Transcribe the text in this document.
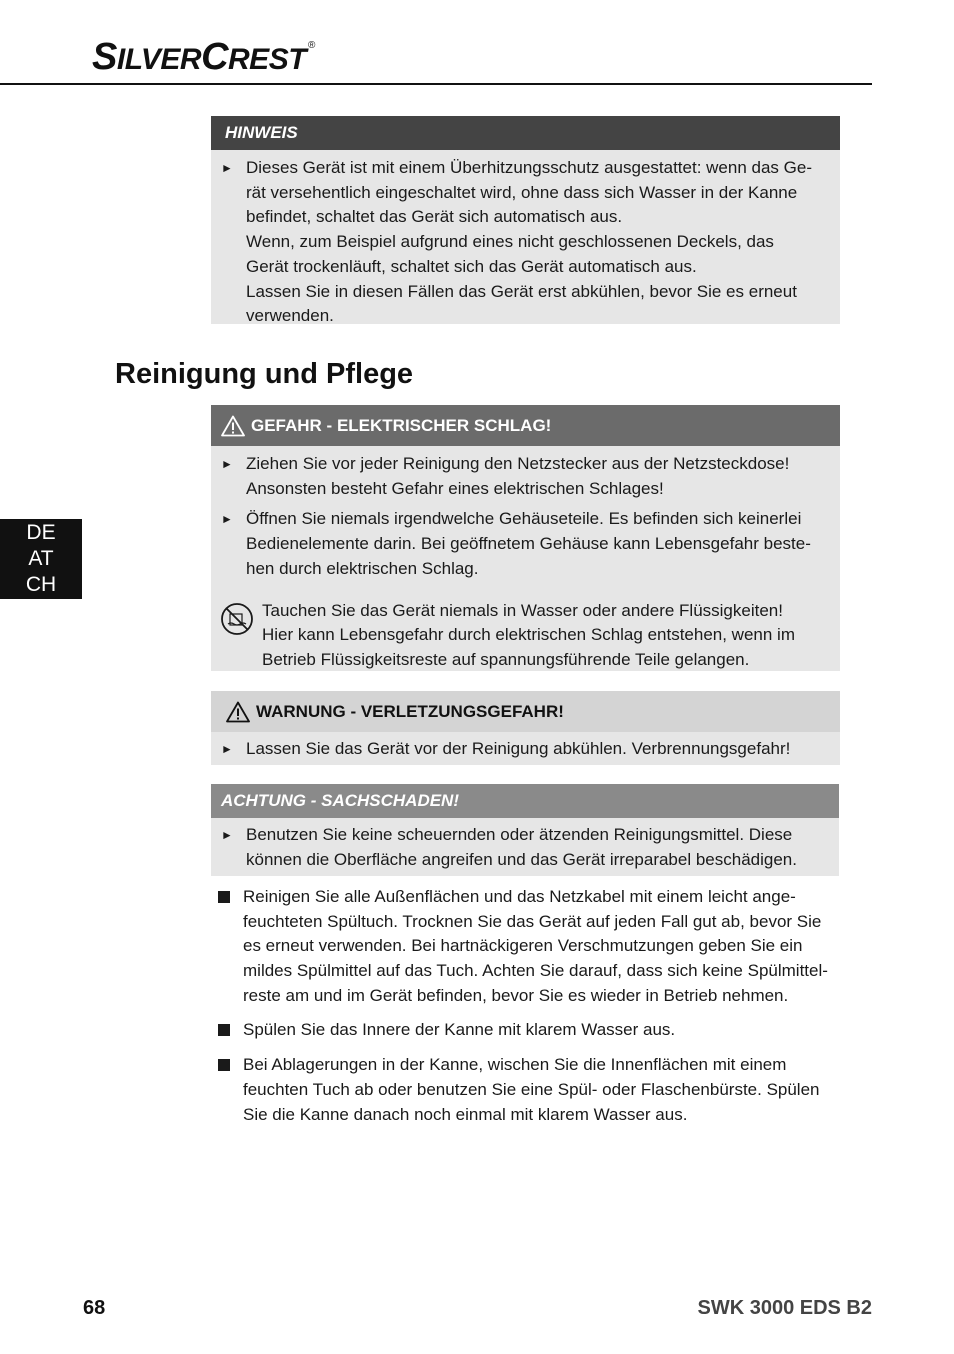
SILVERCREST ®
DE
AT
CH
HINWEIS
► Dieses Gerät ist mit einem Überhitzungsschutz ausgestattet: wenn das Ge-
rät versehentlich eingeschaltet wird, ohne dass sich Wasser in der Kanne
befindet, schaltet das Gerät sich automatisch aus.
Wenn, zum Beispiel aufgrund eines nicht geschlossenen Deckels, das
Gerät trockenläuft, schaltet sich das Gerät automatisch aus.
Lassen Sie in diesen Fällen das Gerät erst abkühlen, bevor Sie es erneut
verwenden.
Reinigung und Pflege
GEFAHR - ELEKTRISCHER SCHLAG!
► Ziehen Sie vor jeder Reinigung den Netzstecker aus der Netzsteckdose!
Ansonsten besteht Gefahr eines elektrischen Schlages!
► Öffnen Sie niemals irgendwelche Gehäuseteile. Es befinden sich keinerlei
Bedienelemente darin. Bei geöffnetem Gehäuse kann Lebensgefahr beste-
hen durch elektrischen Schlag.
Tauchen Sie das Gerät niemals in Wasser oder andere Flüssigkeiten!
Hier kann Lebensgefahr durch elektrischen Schlag entstehen, wenn im
Betrieb Flüssigkeitsreste auf spannungsführende Teile gelangen.
WARNUNG - VERLETZUNGSGEFAHR!
► Lassen Sie das Gerät vor der Reinigung abkühlen. Verbrennungsgefahr!
ACHTUNG - SACHSCHADEN!
► Benutzen Sie keine scheuernden oder ätzenden Reinigungsmittel. Diese
können die Oberfläche angreifen und das Gerät irreparabel beschädigen.
Reinigen Sie alle Außenflächen und das Netzkabel mit einem leicht ange-
feuchteten Spültuch. Trocknen Sie das Gerät auf jeden Fall gut ab, bevor Sie
es erneut verwenden. Bei hartnäckigeren Verschmutzungen geben Sie ein
mildes Spülmittel auf das Tuch. Achten Sie darauf, dass sich keine Spülmittel-
reste am und im Gerät befinden, bevor Sie es wieder in Betrieb nehmen.
Spülen Sie das Innere der Kanne mit klarem Wasser aus.
Bei Ablagerungen in der Kanne, wischen Sie die Innenflächen mit einem
feuchten Tuch ab oder benutzen Sie eine Spül- oder Flaschenbürste. Spülen
Sie die Kanne danach noch einmal mit klarem Wasser aus.
68	SWK 3000 EDS B2
